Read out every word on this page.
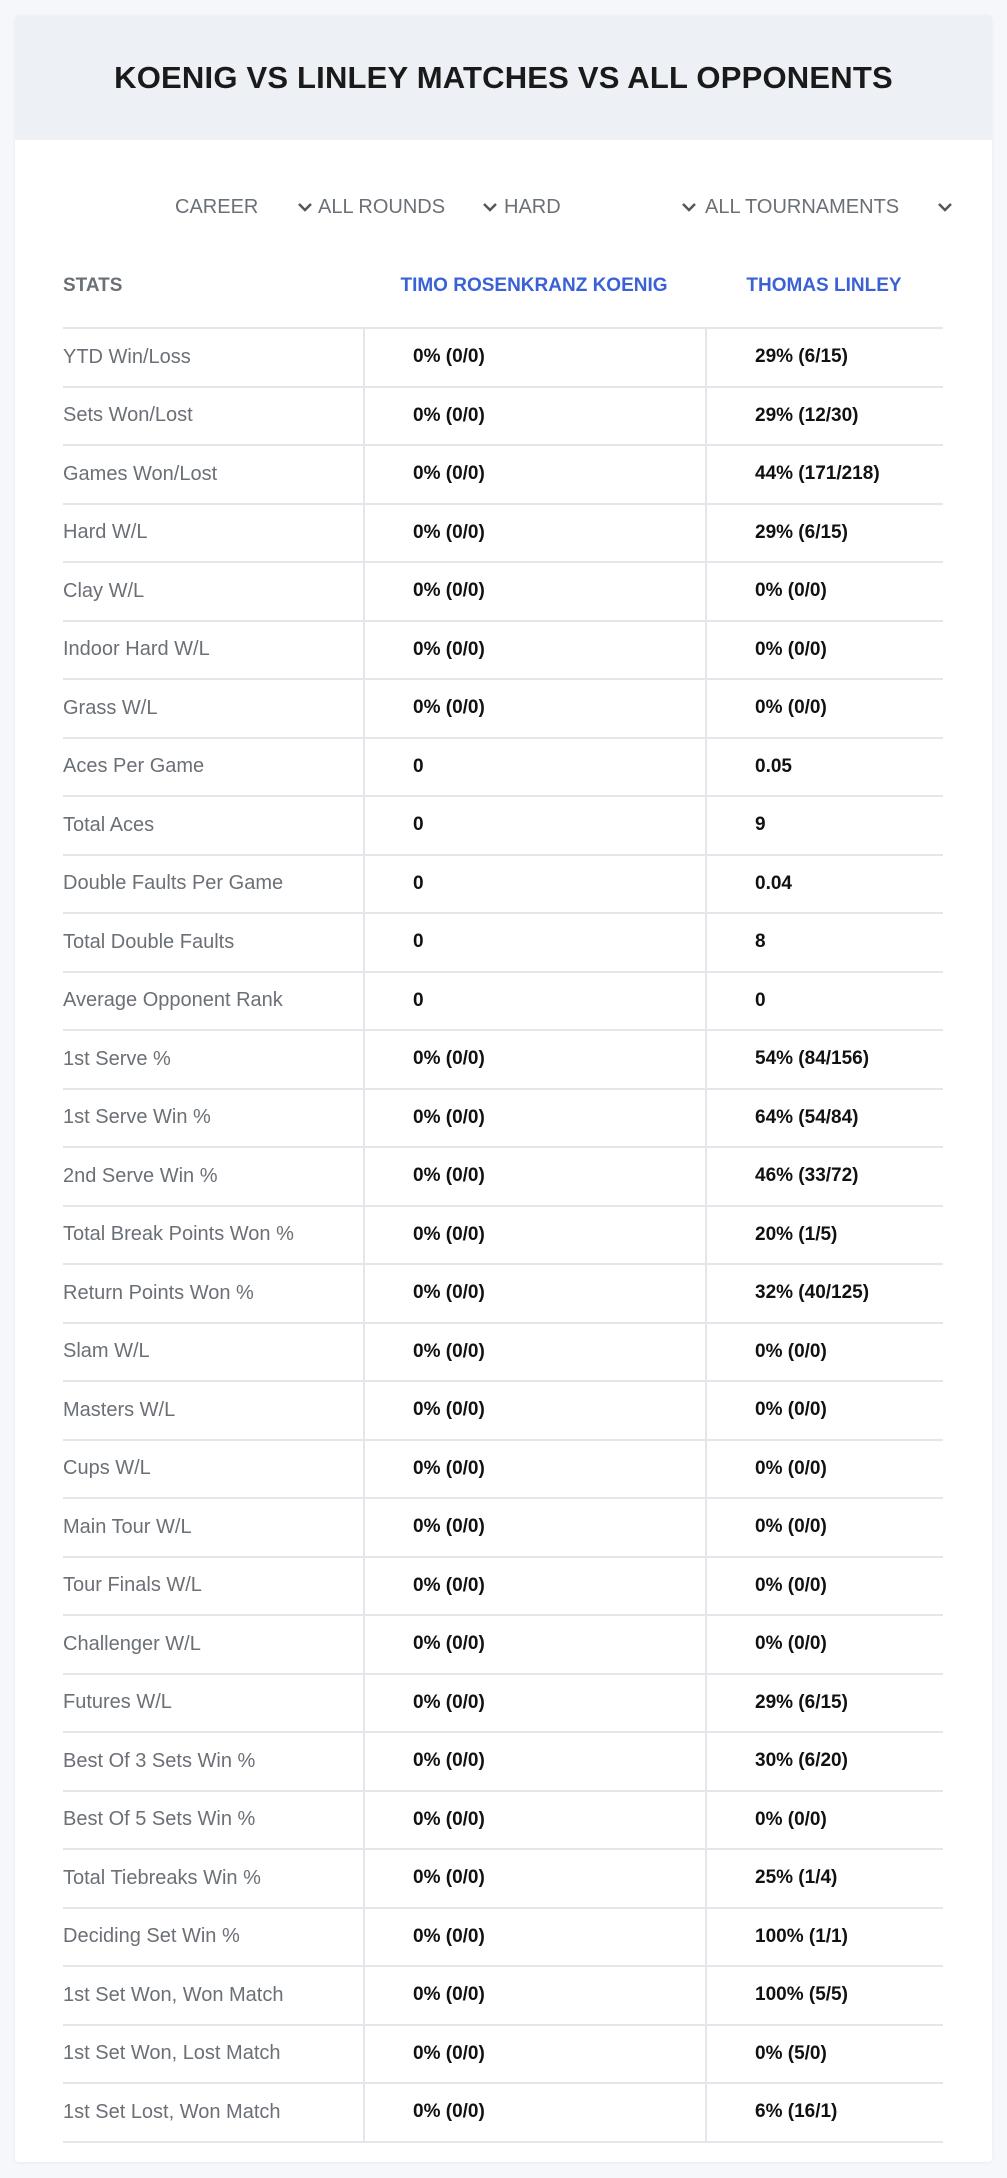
KOENIG VS LINLEY MATCHES VS ALL OPPONENTS
CAREER	ALL ROUNDS	HARD	ALL TOURNAMENTS
STATS	TIMO ROSENKRANZ KOENIG	THOMAS LINLEY
YTD Win/Loss	0% (0/0)	29% (6/15)
Sets Won/Lost	0% (0/0)	29% (12/30)
Games Won/Lost	0% (0/0)	44% (171/218)
Hard W/L	0% (0/0)	29% (6/15)
Clay W/L	0% (0/0)	0% (0/0)
Indoor Hard W/L	0% (0/0)	0% (0/0)
Grass W/L	0% (0/0)	0% (0/0)
Aces Per Game	0	0.05
Total Aces	0	9
Double Faults Per Game	0	0.04
Total Double Faults	0	8
Average Opponent Rank	0	0
1st Serve %	0% (0/0)	54% (84/156)
1st Serve Win %	0% (0/0)	64% (54/84)
2nd Serve Win %	0% (0/0)	46% (33/72)
Total Break Points Won %	0% (0/0)	20% (1/5)
Return Points Won %	0% (0/0)	32% (40/125)
Slam W/L	0% (0/0)	0% (0/0)
Masters W/L	0% (0/0)	0% (0/0)
Cups W/L	0% (0/0)	0% (0/0)
Main Tour W/L	0% (0/0)	0% (0/0)
Tour Finals W/L	0% (0/0)	0% (0/0)
Challenger W/L	0% (0/0)	0% (0/0)
Futures W/L	0% (0/0)	29% (6/15)
Best Of 3 Sets Win %	0% (0/0)	30% (6/20)
Best Of 5 Sets Win %	0% (0/0)	0% (0/0)
Total Tiebreaks Win %	0% (0/0)	25% (1/4)
Deciding Set Win %	0% (0/0)	100% (1/1)
1st Set Won, Won Match	0% (0/0)	100% (5/5)
1st Set Won, Lost Match	0% (0/0)	0% (5/0)
1st Set Lost, Won Match	0% (0/0)	6% (16/1)
